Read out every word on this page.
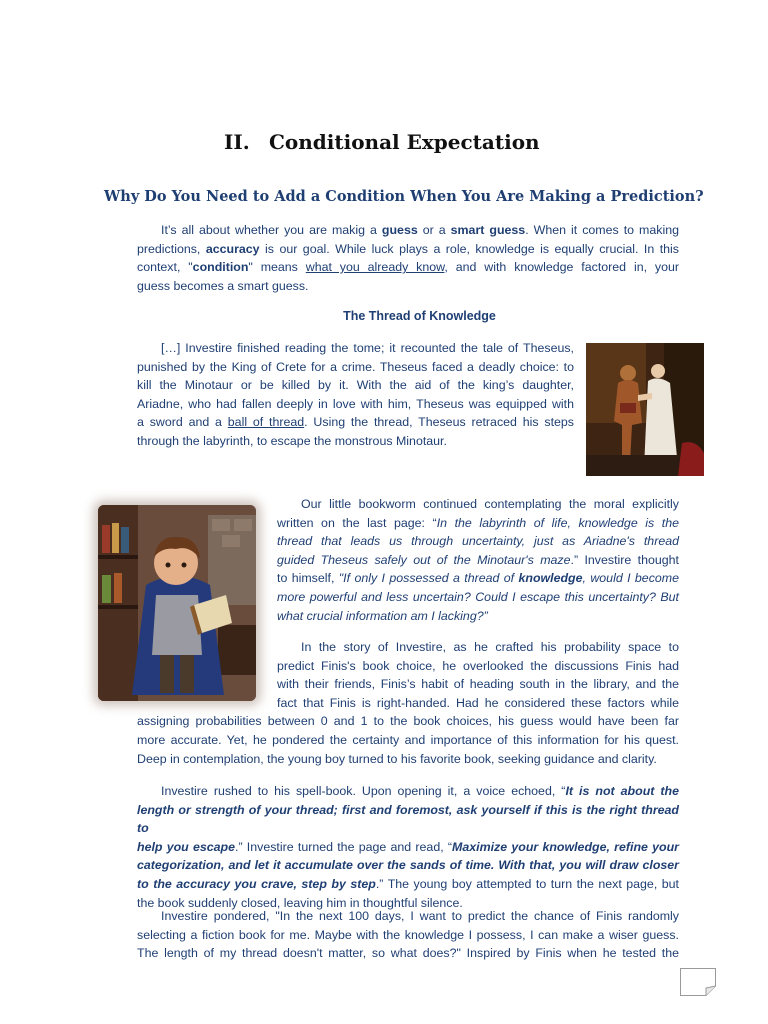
II. Conditional Expectation
Why Do You Need to Add a Condition When You Are Making a Prediction?
It’s all about whether you are makig a guess or a smart guess. When it comes to making
predictions, accuracy is our goal. While luck plays a role, knowledge is equally crucial. In this
context, "condition" means what you already know, and with knowledge factored in, your
guess becomes a smart guess.
The Thread of Knowledge
[…] Investire finished reading the tome; it recounted the tale of Theseus,
punished by the King of Crete for a crime. Theseus faced a deadly choice: to
kill the Minotaur or be killed by it. With the aid of the king’s daughter,
Ariadne, who had fallen deeply in love with him, Theseus was equipped with
a sword and a ball of thread. Using the thread, Theseus retraced his steps
through the labyrinth, to escape the monstrous Minotaur.
Our little bookworm continued contemplating the moral explicitly
written on the last page: “In the labyrinth of life, knowledge is the
thread that leads us through uncertainty, just as Ariadne's thread
guided Theseus safely out of the Minotaur's maze.” Investire thought
to himself, "If only I possessed a thread of knowledge, would I become
more powerful and less uncertain? Could I escape this uncertainty? But
what crucial information am I lacking?”
In the story of Investire, as he crafted his probability space to
predict Finis's book choice, he overlooked the discussions Finis had
with their friends, Finis’s habit of heading south in the library, and the
fact that Finis is right-handed. Had he considered these factors while
assigning probabilities between 0 and 1 to the book choices, his guess would have been far
more accurate. Yet, he pondered the certainty and importance of this information for his quest.
Deep in contemplation, the young boy turned to his favorite book, seeking guidance and clarity.
Investire rushed to his spell-book. Upon opening it, a voice echoed, “It is not about the
length or strength of your thread; first and foremost, ask yourself if this is the right thread to
help you escape.” Investire turned the page and read, “Maximize your knowledge, refine your
categorization, and let it accumulate over the sands of time. With that, you will draw closer
to the accuracy you crave, step by step.” The young boy attempted to turn the next page, but
the book suddenly closed, leaving him in thoughtful silence.
Investire pondered, "In the next 100 days, I want to predict the chance of Finis randomly
selecting a fiction book for me. Maybe with the knowledge I possess, I can make a wiser guess.
The length of my thread doesn't matter, so what does?" Inspired by Finis when he tested the
